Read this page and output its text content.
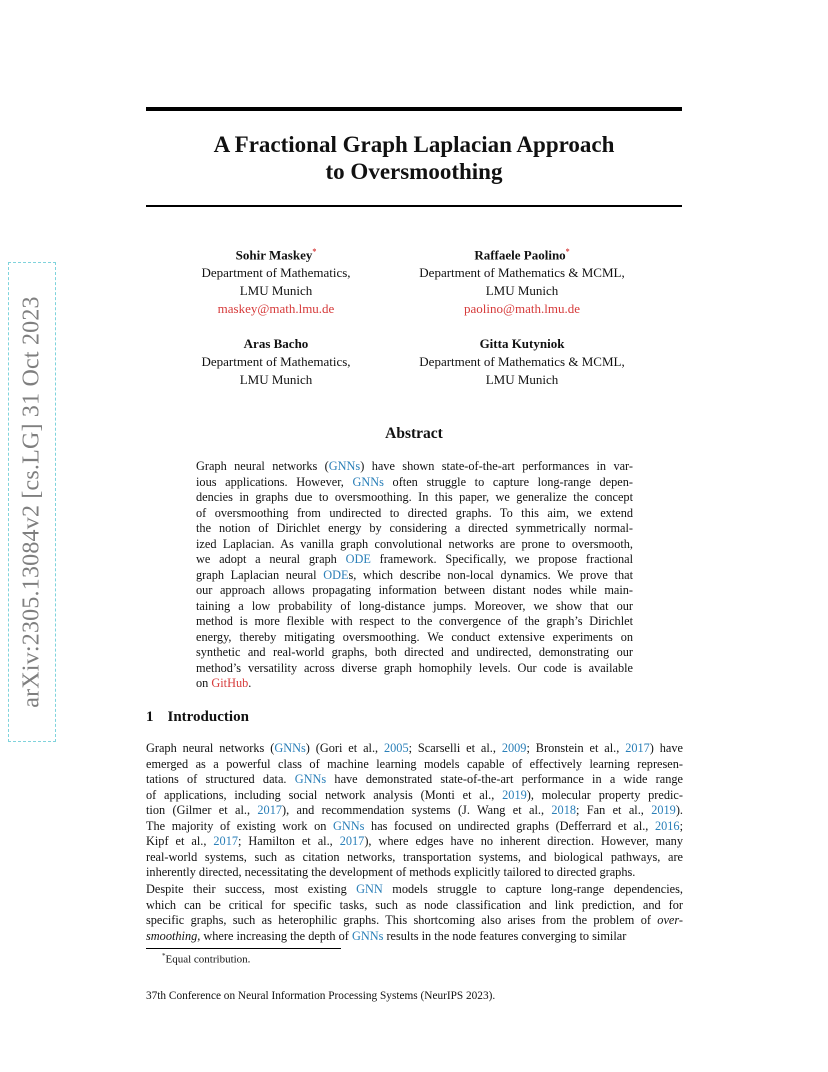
arXiv:2305.13084v2 [cs.LG] 31 Oct 2023
A Fractional Graph Laplacian Approach
to Oversmoothing
Sohir Maskey*
Department of Mathematics,
LMU Munich
maskey@math.lmu.de
Raffaele Paolino*
Department of Mathematics & MCML,
LMU Munich
paolino@math.lmu.de
Aras Bacho
Department of Mathematics,
LMU Munich
Gitta Kutyniok
Department of Mathematics & MCML,
LMU Munich
Abstract
Graph neural networks (GNNs) have shown state-of-the-art performances in var-
ious applications. However, GNNs often struggle to capture long-range depen-
dencies in graphs due to oversmoothing. In this paper, we generalize the concept
of oversmoothing from undirected to directed graphs. To this aim, we extend
the notion of Dirichlet energy by considering a directed symmetrically normal-
ized Laplacian. As vanilla graph convolutional networks are prone to oversmooth,
we adopt a neural graph ODE framework. Specifically, we propose fractional
graph Laplacian neural ODEs, which describe non-local dynamics. We prove that
our approach allows propagating information between distant nodes while main-
taining a low probability of long-distance jumps. Moreover, we show that our
method is more flexible with respect to the convergence of the graph’s Dirichlet
energy, thereby mitigating oversmoothing. We conduct extensive experiments on
synthetic and real-world graphs, both directed and undirected, demonstrating our
method’s versatility across diverse graph homophily levels. Our code is available
on GitHub.
1 Introduction
Graph neural networks (GNNs) (Gori et al., 2005; Scarselli et al., 2009; Bronstein et al., 2017) have
emerged as a powerful class of machine learning models capable of effectively learning represen-
tations of structured data. GNNs have demonstrated state-of-the-art performance in a wide range
of applications, including social network analysis (Monti et al., 2019), molecular property predic-
tion (Gilmer et al., 2017), and recommendation systems (J. Wang et al., 2018; Fan et al., 2019).
The majority of existing work on GNNs has focused on undirected graphs (Defferrard et al., 2016;
Kipf et al., 2017; Hamilton et al., 2017), where edges have no inherent direction. However, many
real-world systems, such as citation networks, transportation systems, and biological pathways, are
inherently directed, necessitating the development of methods explicitly tailored to directed graphs.
Despite their success, most existing GNN models struggle to capture long-range dependencies,
which can be critical for specific tasks, such as node classification and link prediction, and for
specific graphs, such as heterophilic graphs. This shortcoming also arises from the problem of over-
smoothing, where increasing the depth of GNNs results in the node features converging to similar
*Equal contribution.
37th Conference on Neural Information Processing Systems (NeurIPS 2023).
